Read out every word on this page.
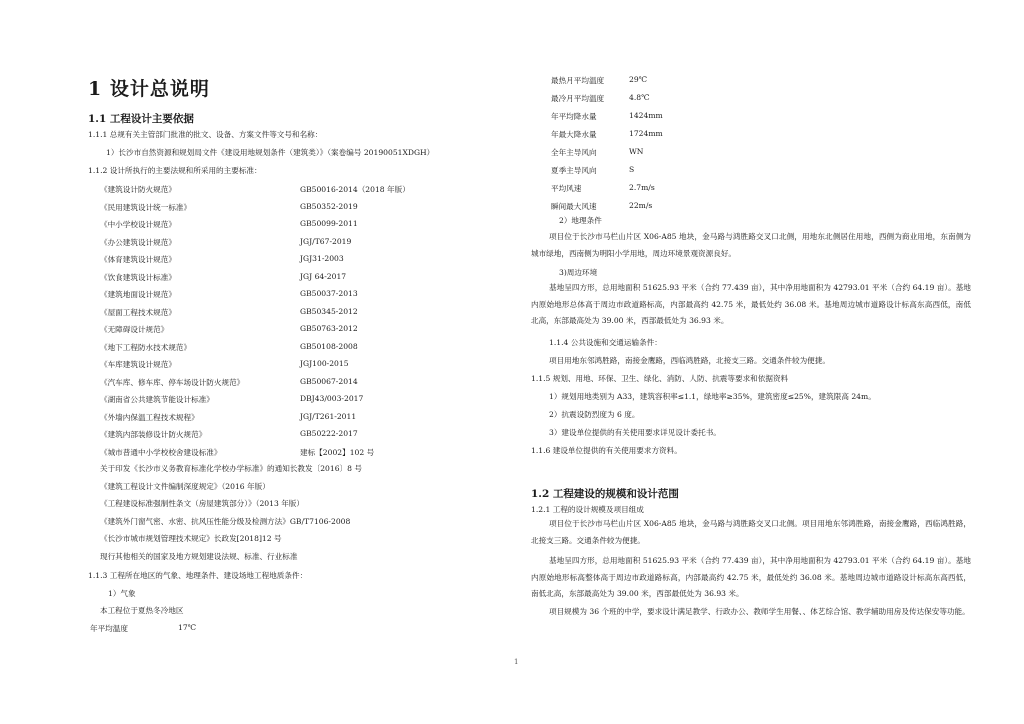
1 设计总说明
1.1 工程设计主要依据
1.1.1 总规有关主管部门批准的批文、设备、方案文件等文号和名称：
1）长沙市自然资源和规划局文件《建设用地规划条件（建筑类）》（案卷编号 20190051XDGH）
1.1.2 设计所执行的主要法规和所采用的主要标准：
《建筑设计防火规范》	GB50016-2014（2018 年版）
《民用建筑设计统一标准》	GB50352-2019
《中小学校设计规范》	GB50099-2011
《办公建筑设计规范》	JGJ/T67-2019
《体育建筑设计规范》	JGJ31-2003
《饮食建筑设计标准》	JGJ 64-2017
《建筑地面设计规范》	GB50037-2013
《屋面工程技术规范》	GB50345-2012
《无障碍设计规范》	GB50763-2012
《地下工程防水技术规范》	GB50108-2008
《车库建筑设计规范》	JGJ100-2015
《汽车库、修车库、停车场设计防火规范》	GB50067-2014
《湖南省公共建筑节能设计标准》	DBJ43/003-2017
《外墙内保温工程技术规程》	JGJ/T261-2011
《建筑内部装修设计防火规范》	GB50222-2017
《城市普通中小学校校舍建设标准》	建标【2002】102 号
关于印发《长沙市义务教育标准化学校办学标准》的通知长教发〔2016〕8 号
《建筑工程设计文件编制深度规定》（2016 年版）
《工程建设标准强制性条文（房屋建筑部分）》（2013 年版）
《建筑外门窗气密、水密、抗风压性能分级及检测方法》GB/T7106-2008
《长沙市城市规划管理技术规定》长政发[2018]12 号
现行其他相关的国家及地方规划建设法规、标准、行业标准
1.1.3 工程所在地区的气象、地理条件、建设场地工程地质条件：
1）气象
本工程位于夏热冬冷地区
年平均温度	17℃
最热月平均温度	29℃
最冷月平均温度	4.8℃
年平均降水量	1424mm
年最大降水量	1724mm
全年主导风向	WN
夏季主导风向	S
平均风速	2.7m/s
瞬间最大风速	22m/s
2）地理条件
项目位于长沙市马栏山片区 X06-A85 地块，金马路与鸿胜路交叉口北侧，用地东北侧居住用地，西侧为商业用地，东南侧为城市绿地，西南侧为明阳小学用地，周边环境景观资源良好。
3)周边环境
基地呈四方形，总用地面积 51625.93 平米（合约 77.439 亩），其中净用地面积为 42793.01 平米（合约 64.19 亩）。基地内原始地形总体高于周边市政道路标高，内部最高约 42.75 米，最低处约 36.08 米。基地周边城市道路设计标高东高西低，南低北高，东部最高处为 39.00 米，西部最低处为 36.93 米。
1.1.4 公共设施和交通运输条件：
项目用地东邻鸿胜路，南接金鹰路，西临鸿胜路，北接支三路。交通条件较为便捷。
1.1.5 规划、用地、环保、卫生、绿化、消防、人防、抗震等要求和依据资料
1）规划用地类别为 A33，建筑容积率≤1.1，绿地率≥35%，建筑密度≤25%，建筑限高 24m。
2）抗震设防烈度为 6 度。
3）建设单位提供的有关使用要求详见设计委托书。
1.1.6 建设单位提供的有关使用要求方资料。
1.2 工程建设的规模和设计范围
1.2.1 工程的设计规模及项目组成
项目位于长沙市马栏山片区 X06-A85 地块，金马路与鸿胜路交叉口北侧。项目用地东邻鸿胜路，南接金鹰路，西临鸿胜路，北接支三路。交通条件较为便捷。
基地呈四方形，总用地面积 51625.93 平米（合约 77.439 亩），其中净用地面积为 42793.01 平米（合约 64.19 亩）。基地内原始地形标高整体高于周边市政道路标高，内部最高约 42.75 米，最低处约 36.08 米。基地周边城市道路设计标高东高西低，南低北高，东部最高处为 39.00 米，西部最低处为 36.93 米。
项目规模为 36 个班的中学，要求设计满足教学、行政办公、教师学生用餐、、体艺综合馆、教学辅助用房及传达保安等功能。
1
